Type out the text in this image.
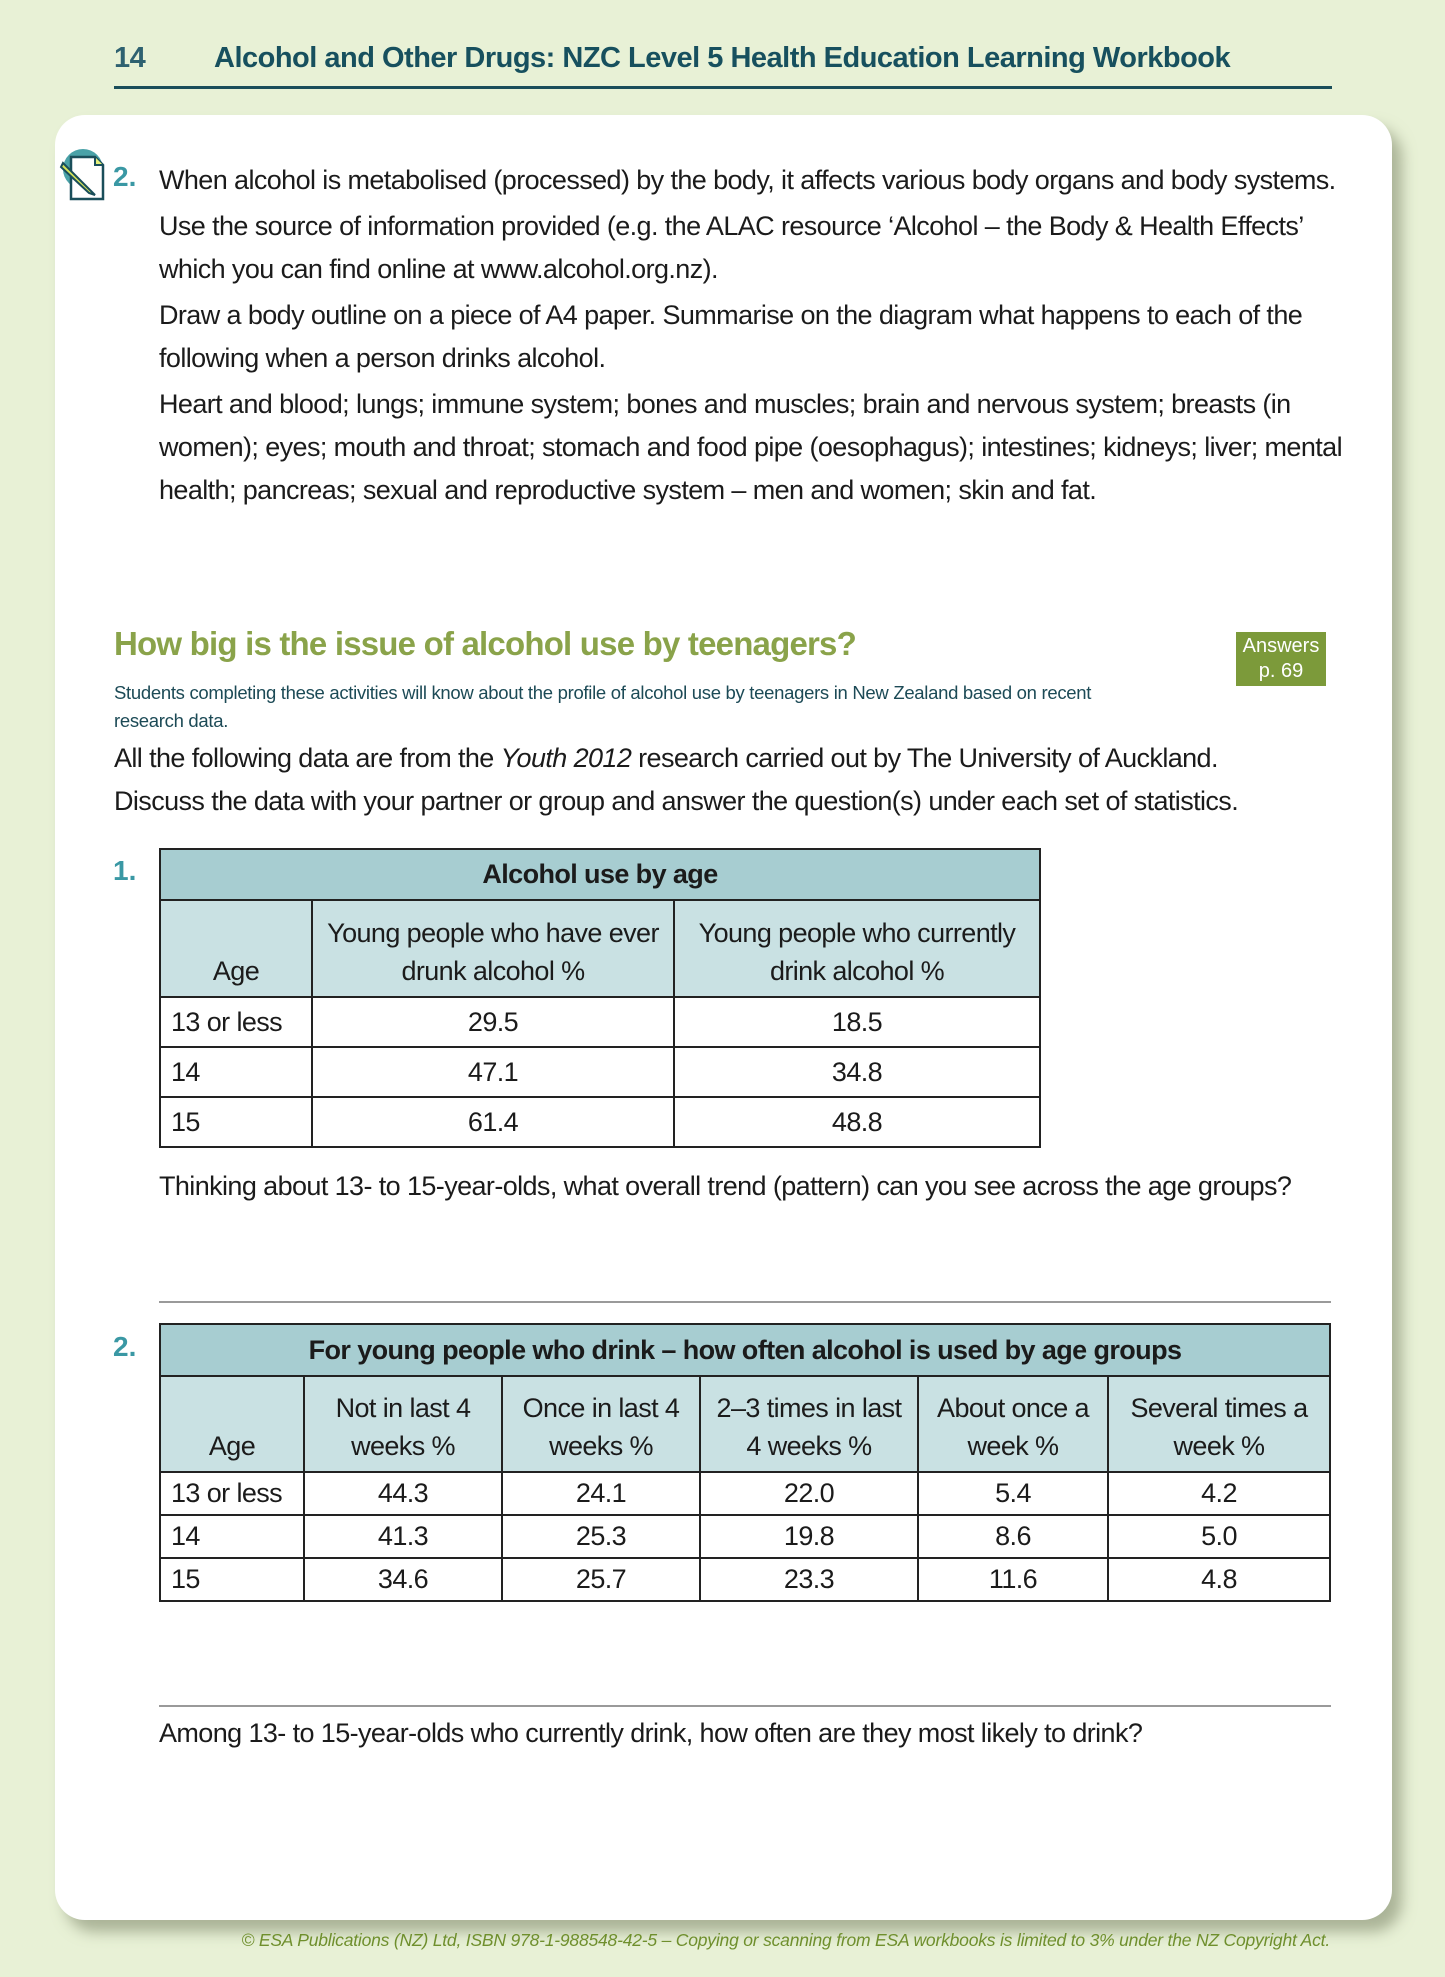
14	Alcohol and Other Drugs: NZC Level 5 Health Education Learning Workbook
2. When alcohol is metabolised (processed) by the body, it affects various body organs and body systems.

Use the source of information provided (e.g. the ALAC resource ‘Alcohol – the Body & Health Effects’ which you can find online at www.alcohol.org.nz).

Draw a body outline on a piece of A4 paper. Summarise on the diagram what happens to each of the following when a person drinks alcohol.

Heart and blood; lungs; immune system; bones and muscles; brain and nervous system; breasts (in women); eyes; mouth and throat; stomach and food pipe (oesophagus); intestines; kidneys; liver; mental health; pancreas; sexual and reproductive system – men and women; skin and fat.

How big is the issue of alcohol use by teenagers?	Answers
p. 69
Students completing these activities will know about the profile of alcohol use by teenagers in New Zealand based on recent research data.

All the following data are from the Youth 2012 research carried out by The University of Auckland.

Discuss the data with your partner or group and answer the question(s) under each set of statistics.

1.	Alcohol use by age		
Age	Young people who have ever drunk alcohol %	Young people who currently drink alcohol %
13 or less	29.5	18.5
14	47.1	34.8
15	61.4	48.8

Thinking about 13- to 15-year-olds, what overall trend (pattern) can you see across the age groups?

2.	For young people who drink – how often alcohol is used by age groups					
Age	Not in last 4 weeks %	Once in last 4 weeks %	2–3 times in last 4 weeks %	About once a week %	Several times a week %
13 or less	44.3	24.1	22.0	5.4	4.2
14	41.3	25.3	19.8	8.6	5.0
15	34.6	25.7	23.3	11.6	4.8

Among 13- to 15-year-olds who currently drink, how often are they most likely to drink?

© ESA Publications (NZ) Ltd, ISBN 978-1-988548-42-5 – Copying or scanning from ESA workbooks is limited to 3% under the NZ Copyright Act.
